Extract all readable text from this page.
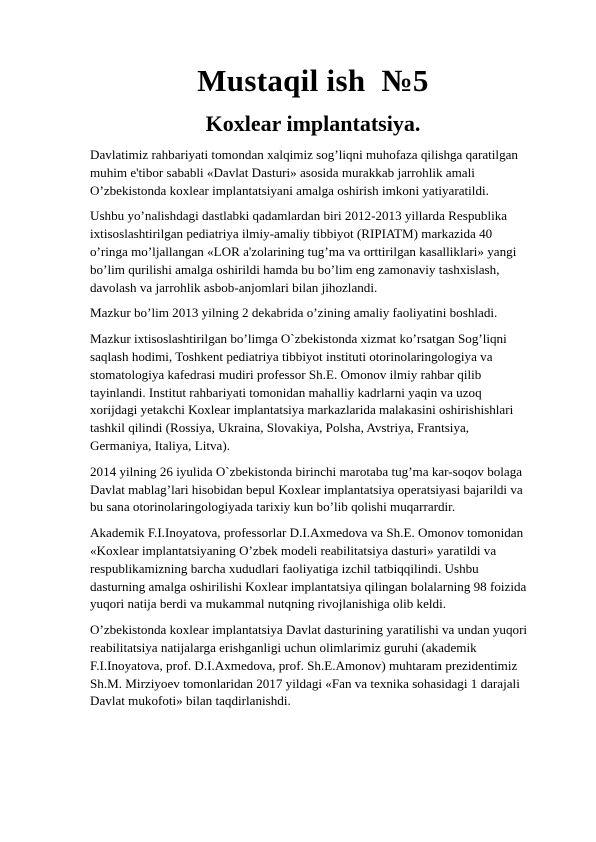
Mustaqil ish  №5
Koxlear implantatsiya.

Davlatimiz rahbariyati tomondan xalqimiz sog’liqni muhofaza qilishga qaratilgan
muhim e'tibor sababli «Davlat Dasturi» asosida murakkab jarrohlik amali
O’zbekistonda koxlear implantatsiyani amalga oshirish imkoni yatiyaratildi.

Ushbu yo’nalishdagi dastlabki qadamlardan biri 2012-2013 yillarda Respublika
ixtisoslashtirilgan pediatriya ilmiy-amaliy tibbiyot (RIPIATM) markazida 40
o’ringa mo’ljallangan «LOR a'zolarining tug’ma va orttirilgan kasalliklari» yangi
bo’lim qurilishi amalga oshirildi hamda bu bo’lim eng zamonaviy tashxislash,
davolash va jarrohlik asbob-anjomlari bilan jihozlandi.

Mazkur bo’lim 2013 yilning 2 dekabrida o’zining amaliy faoliyatini boshladi.

Mazkur ixtisoslashtirilgan bo’limga O`zbekistonda xizmat ko’rsatgan Sog’liqni
saqlash hodimi, Toshkent pediatriya tibbiyot instituti otorinolaringologiya va
stomatologiya kafedrasi mudiri professor Sh.E. Omonov ilmiy rahbar qilib
tayinlandi. Institut rahbariyati tomonidan mahalliy kadrlarni yaqin va uzoq
xorijdagi yetakchi Koxlear implantatsiya markazlarida malakasini oshirishishlari
tashkil qilindi (Rossiya, Ukraina, Slovakiya, Polsha, Avstriya, Frantsiya,
Germaniya, Italiya, Litva).

2014 yilning 26 iyulida O`zbekistonda birinchi marotaba tug’ma kar-soqov bolaga
Davlat mablag’lari hisobidan bepul Koxlear implantatsiya operatsiyasi bajarildi va
bu sana otorinolaringologiyada tarixiy kun bo’lib qolishi muqarrardir.

Akademik F.I.Inoyatova, professorlar D.I.Axmedova va Sh.E. Omonov tomonidan
«Koxlear implantatsiyaning O’zbek modeli reabilitatsiya dasturi» yaratildi va
respublikamizning barcha xududlari faoliyatiga izchil tatbiqqilindi. Ushbu
dasturning amalga oshirilishi Koxlear implantatsiya qilingan bolalarning 98 foizida
yuqori natija berdi va mukammal nutqning rivojlanishiga olib keldi.

O’zbekistonda koxlear implantatsiya Davlat dasturining yaratilishi va undan yuqori
reabilitatsiya natijalarga erishganligi uchun olimlarimiz guruhi (akademik
F.I.Inoyatova, prof. D.I.Axmedova, prof. Sh.E.Amonov) muhtaram prezidentimiz
Sh.M. Mirziyoev tomonlaridan 2017 yildagi «Fan va texnika sohasidagi 1 darajali
Davlat mukofoti» bilan taqdirlanishdi.
